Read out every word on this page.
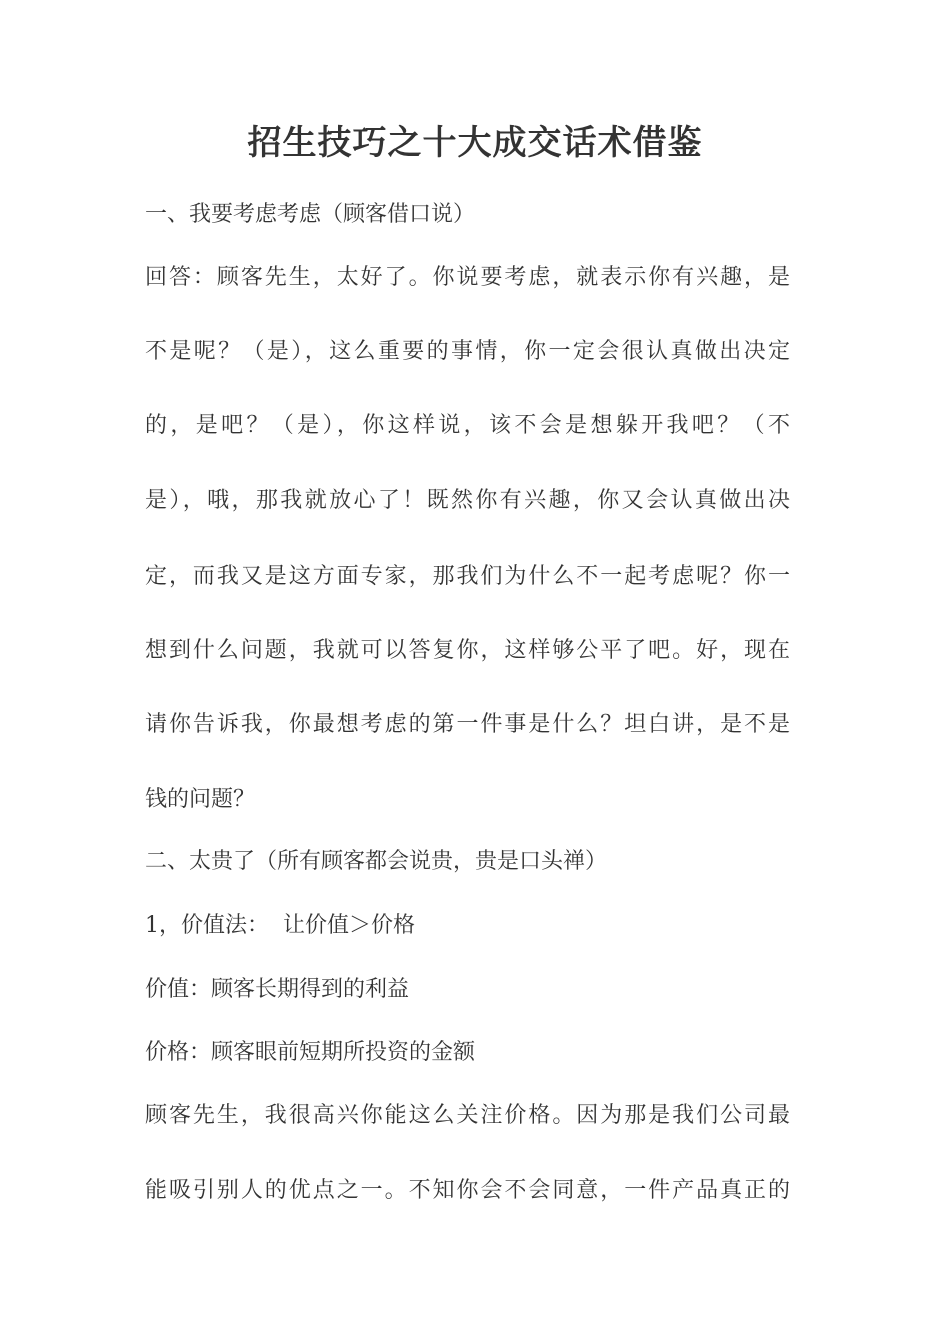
招生技巧之十大成交话术借鉴
一、我要考虑考虑（顾客借口说）
回答：顾客先生，太好了。你说要考虑，就表示你有兴趣，是
不是呢？（是），这么重要的事情，你一定会很认真做出决定
的，是吧？（是），你这样说，该不会是想躲开我吧？（不
是），哦，那我就放心了！既然你有兴趣，你又会认真做出决
定，而我又是这方面专家，那我们为什么不一起考虑呢？你一
想到什么问题，我就可以答复你，这样够公平了吧。好，现在
请你告诉我，你最想考虑的第一件事是什么？坦白讲，是不是
钱的问题？
二、太贵了（所有顾客都会说贵，贵是口头禅）
1，价值法：  让价值＞价格
价值：顾客长期得到的利益
价格：顾客眼前短期所投资的金额
顾客先生，我很高兴你能这么关注价格。因为那是我们公司最
能吸引别人的优点之一。不知你会不会同意，一件产品真正的
